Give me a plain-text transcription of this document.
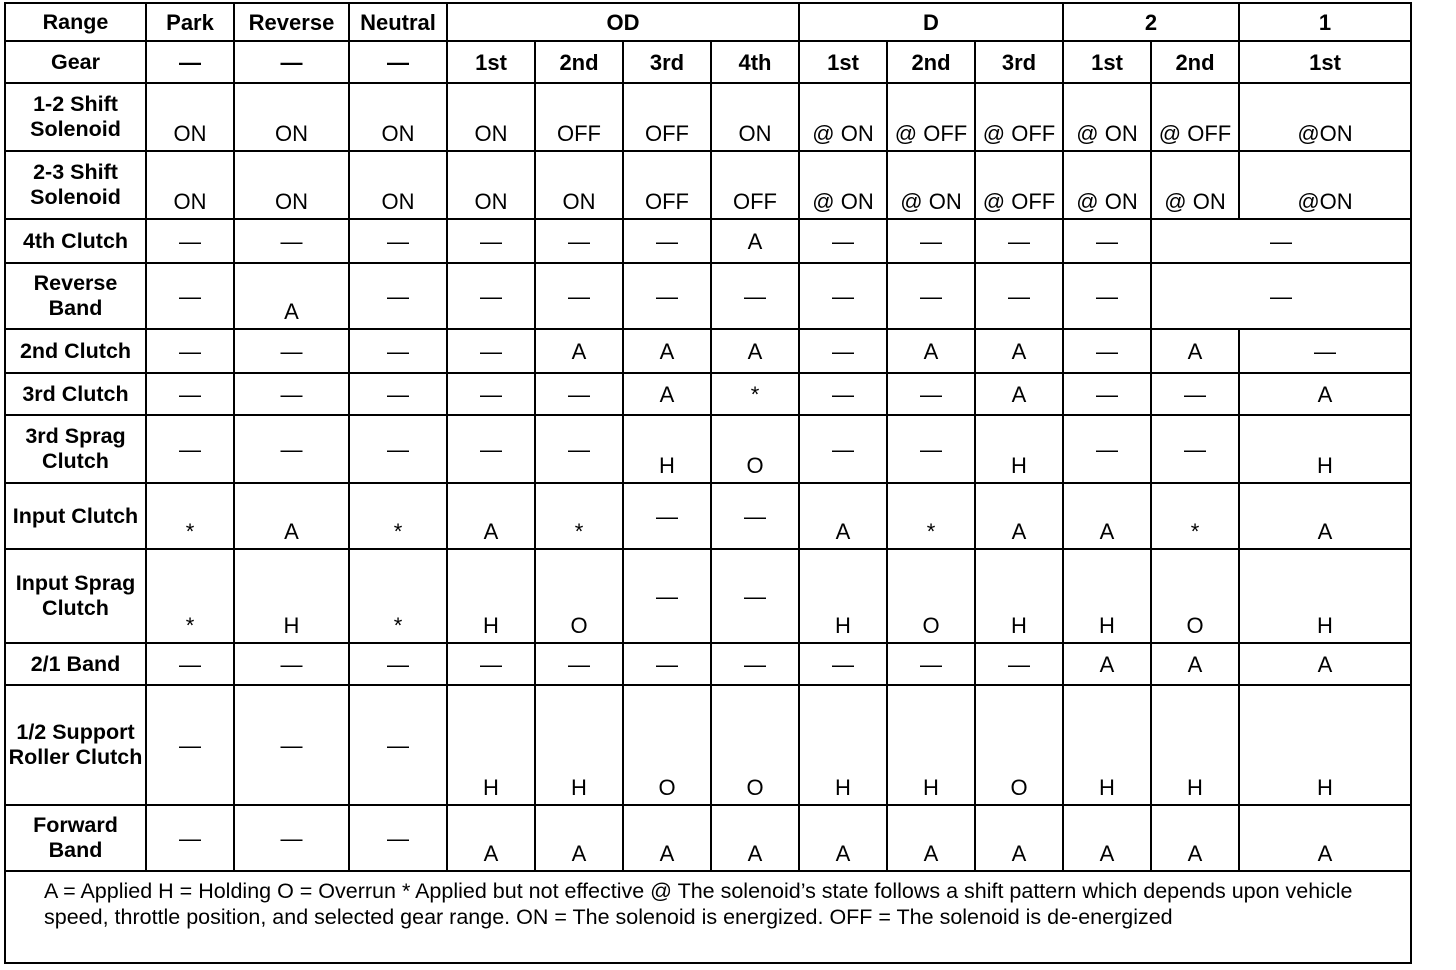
Range	Park	Reverse	Neutral	OD				D			2		1
Gear	—	—	—	1st	2nd	3rd	4th	1st	2nd	3rd	1st	2nd	1st
1-2 Shift Solenoid	ON	ON	ON	ON	OFF	OFF	ON	@ ON	@ OFF	@ OFF	@ ON	@ OFF	@ON
2-3 Shift Solenoid	ON	ON	ON	ON	ON	OFF	OFF	@ ON	@ ON	@ OFF	@ ON	@ ON	@ON
4th Clutch	—	—	—	—	—	—	A	—	—	—	—	—	
Reverse Band	—	A	—	—	—	—	—	—	—	—	—	—	
2nd Clutch	—	—	—	—	A	A	A	—	A	A	—	A	—
3rd Clutch	—	—	—	—	—	A	*	—	—	A	—	—	A
3rd Sprag Clutch	—	—	—	—	—	H	O	—	—	H	—	—	H
Input Clutch	*	A	*	A	*	—	—	A	*	A	A	*	A
Input Sprag Clutch	*	H	*	H	O	—	—	H	O	H	H	O	H
2/1 Band	—	—	—	—	—	—	—	—	—	—	A	A	A
1/2 Support Roller Clutch	—	—	—	H	H	O	O	H	H	O	H	H	H
Forward Band	—	—	—	A	A	A	A	A	A	A	A	A	A
A = Applied H = Holding O = Overrun * Applied but not effective @ The solenoid’s state follows a shift pattern which depends upon vehicle speed, throttle position, and selected gear range. ON = The solenoid is energized. OFF = The solenoid is de-energized													
